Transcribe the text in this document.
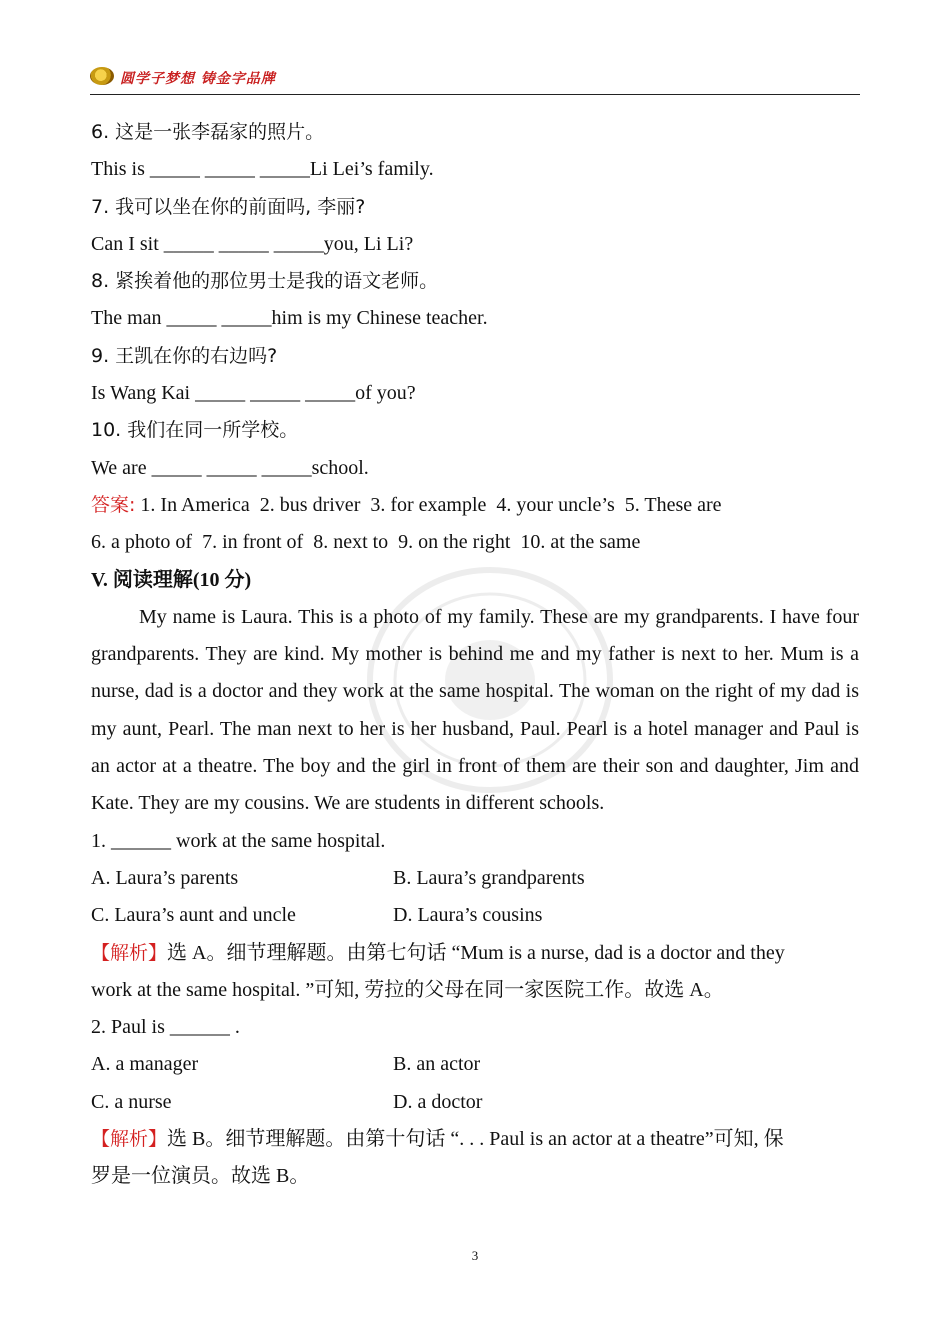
圆学子梦想 铸金字品牌
6. 这是一张李磊家的照片。
This is _____ _____ _____Li Lei’s family.
7. 我可以坐在你的前面吗, 李丽?
Can I sit _____ _____ _____you, Li Li?
8. 紧挨着他的那位男士是我的语文老师。
The man _____ _____him is my Chinese teacher.
9. 王凯在你的右边吗?
Is Wang Kai _____ _____ _____of you?
10. 我们在同一所学校。
We are _____ _____ _____school.
答案: 1. In America  2. bus driver  3. for example  4. your uncle’s  5. These are
6. a photo of  7. in front of  8. next to  9. on the right  10. at the same
V. 阅读理解(10 分)
My name is Laura. This is a photo of my family. These are my grandparents. I have four grandparents. They are kind. My mother is behind me and my father is next to her. Mum is a nurse, dad is a doctor and they work at the same hospital. The woman on the right of my dad is my aunt, Pearl. The man next to her is her husband, Paul. Pearl is a hotel manager and Paul is an actor at a theatre. The boy and the girl in front of them are their son and daughter, Jim and Kate. They are my cousins. We are students in different schools.
1. ______ work at the same hospital.
A. Laura’s parents	B. Laura’s grandparents
C. Laura’s aunt and uncle	D. Laura’s cousins
【解析】选 A。细节理解题。由第七句话 “Mum is a nurse, dad is a doctor and they
work at the same hospital. ”可知, 劳拉的父母在同一家医院工作。故选 A。
2. Paul is ______ .
A. a manager	B. an actor
C. a nurse	D. a doctor
【解析】选 B。细节理解题。由第十句话 “. . . Paul is an actor at a theatre”可知, 保
罗是一位演员。故选 B。
3
